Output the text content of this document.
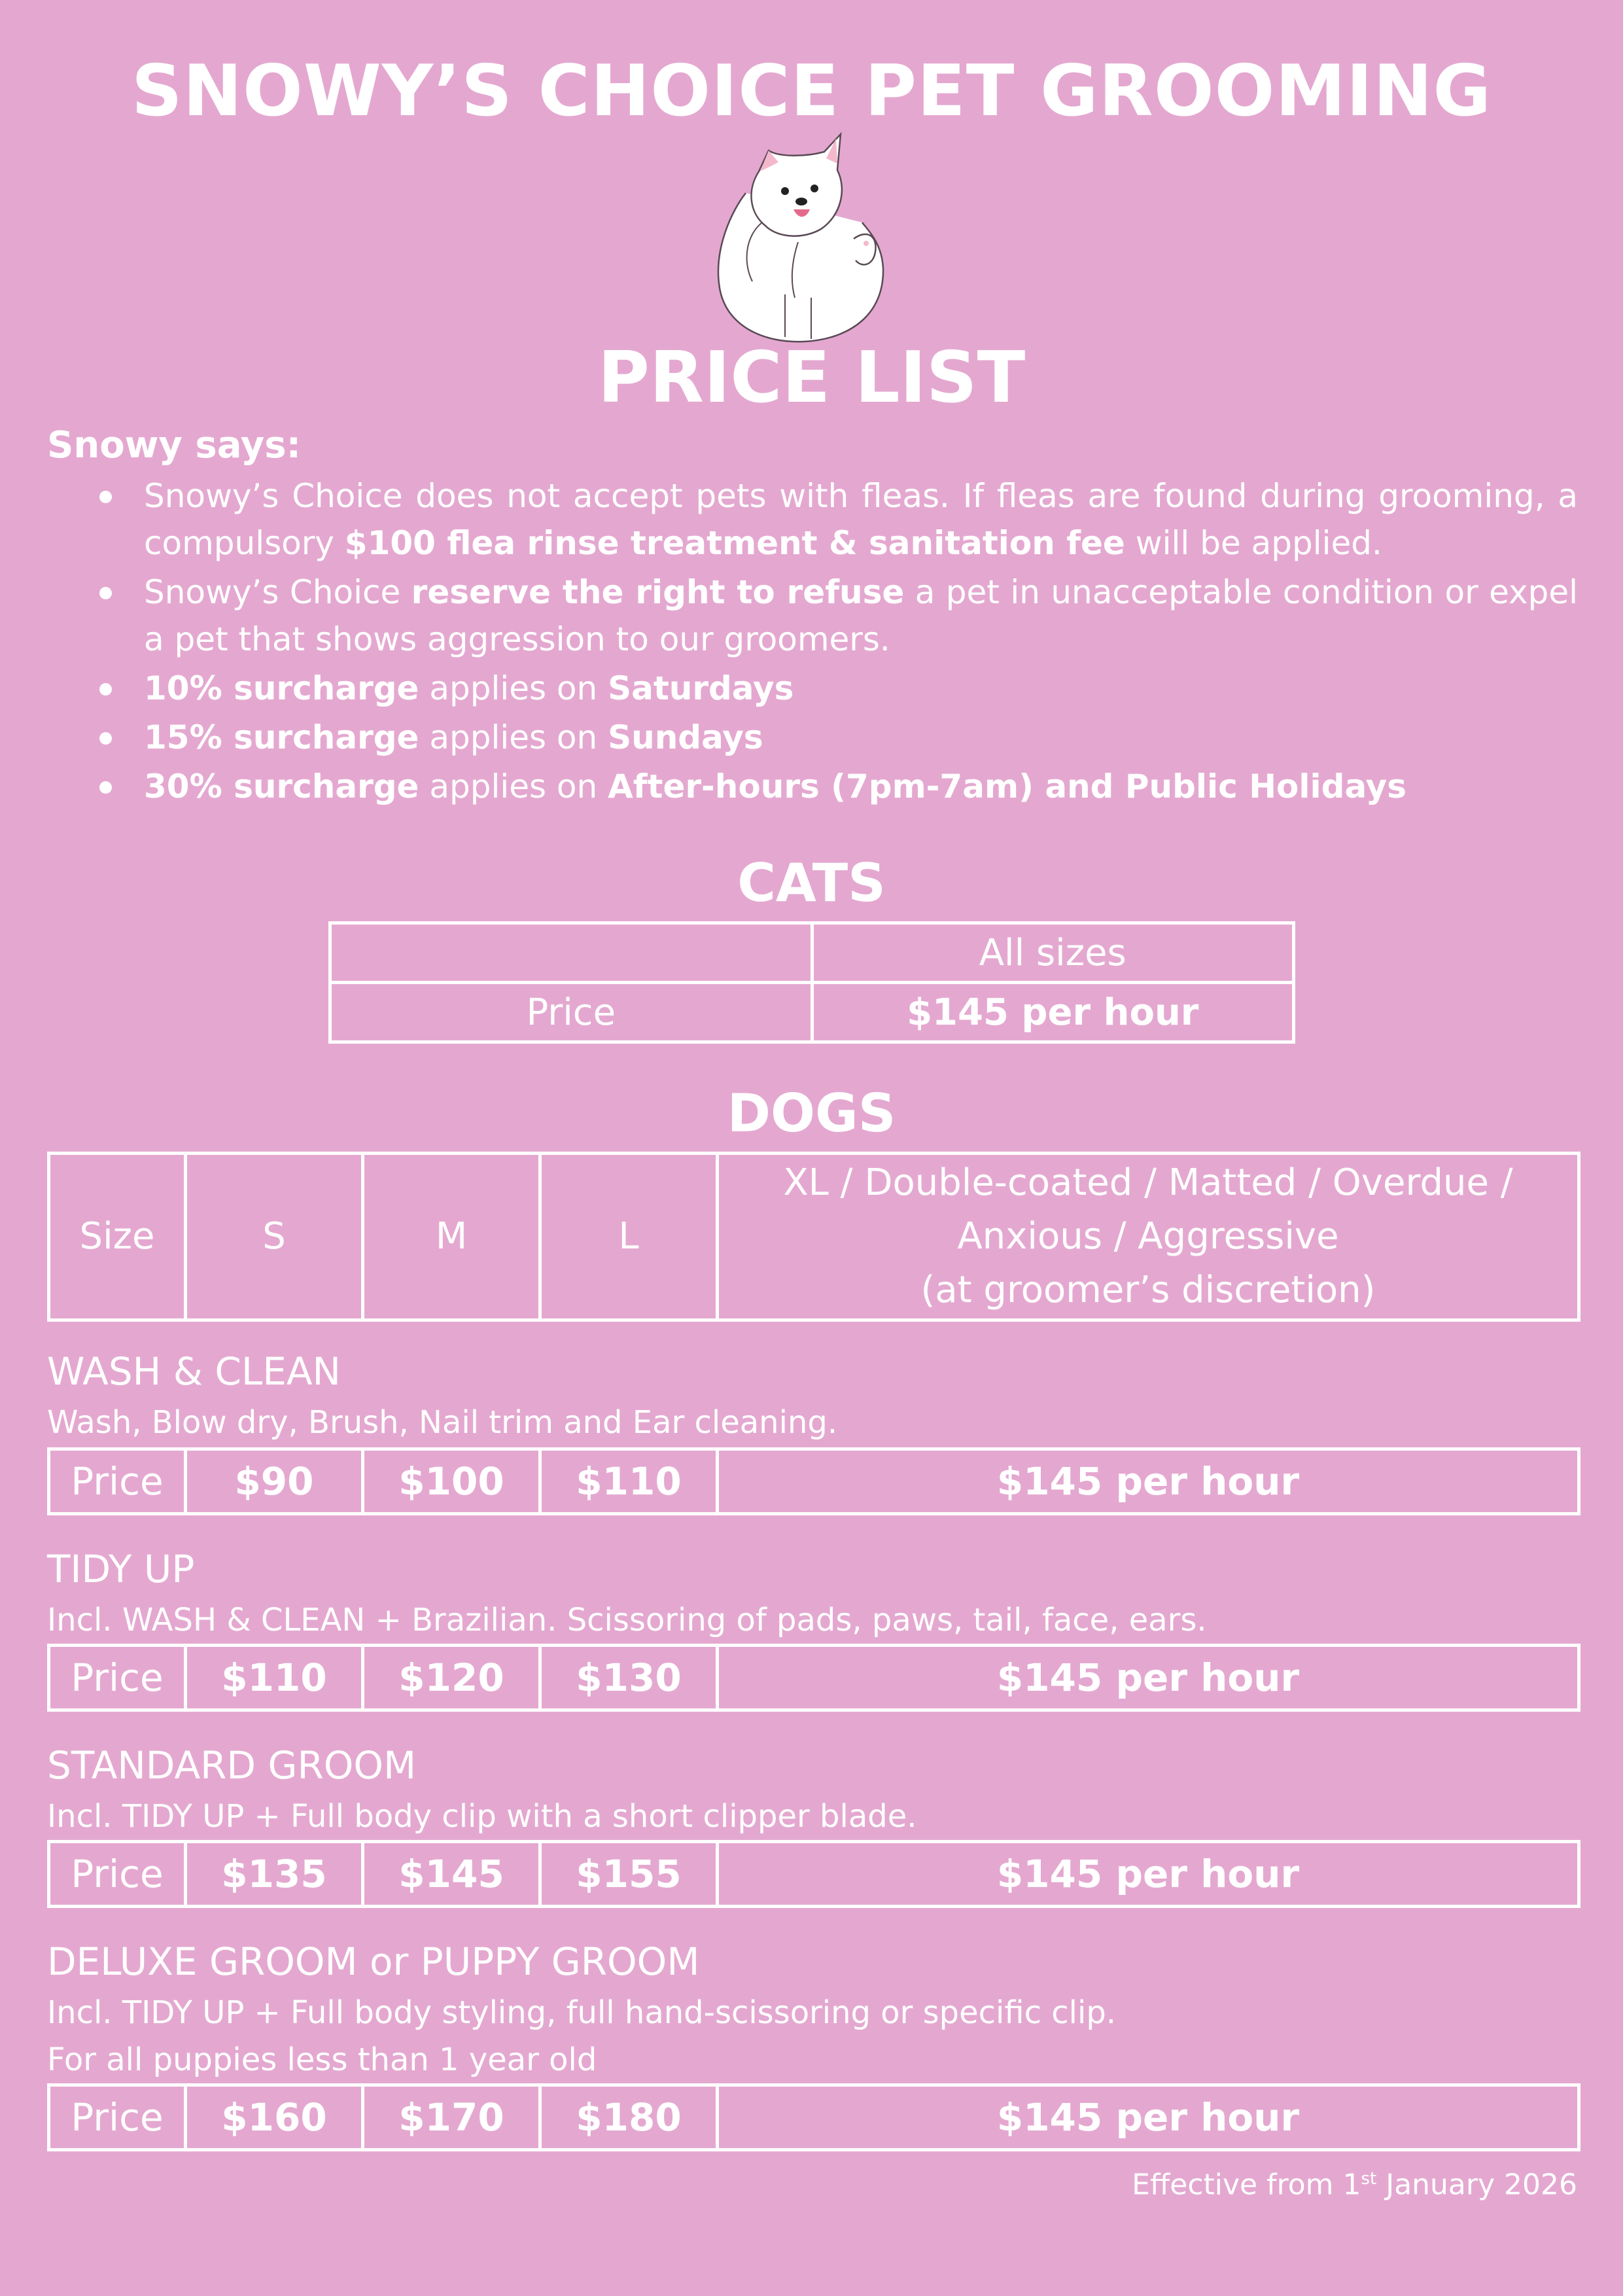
SNOWY’S CHOICE PET GROOMING
PRICE LIST
Snowy says:
Snowy’s Choice does not accept pets with fleas. If fleas are found during grooming, a compulsory $100 flea rinse treatment & sanitation fee will be applied.
Snowy’s Choice reserve the right to refuse a pet in unacceptable condition or expel a pet that shows aggression to our groomers.
10% surcharge applies on Saturdays
15% surcharge applies on Sundays
30% surcharge applies on After-hours (7pm-7am) and Public Holidays
CATS
	All sizes
Price	$145 per hour
DOGS
Size	S	M	L	
XL / Double-coated / Matted / Overdue /
Anxious / Aggressive
(at groomer’s discretion)
WASH & CLEAN
Wash, Blow dry, Brush, Nail trim and Ear cleaning.
Price	$90	$100	$110	$145 per hour
TIDY UP
Incl. WASH & CLEAN + Brazilian. Scissoring of pads, paws, tail, face, ears.
Price	$110	$120	$130	$145 per hour
STANDARD GROOM
Incl. TIDY UP + Full body clip with a short clipper blade.
Price	$135	$145	$155	$145 per hour
DELUXE GROOM or PUPPY GROOM
Incl. TIDY UP + Full body styling, full hand-scissoring or specific clip.
For all puppies less than 1 year old
Price	$160	$170	$180	$145 per hour
Effective from 1st January 2026
